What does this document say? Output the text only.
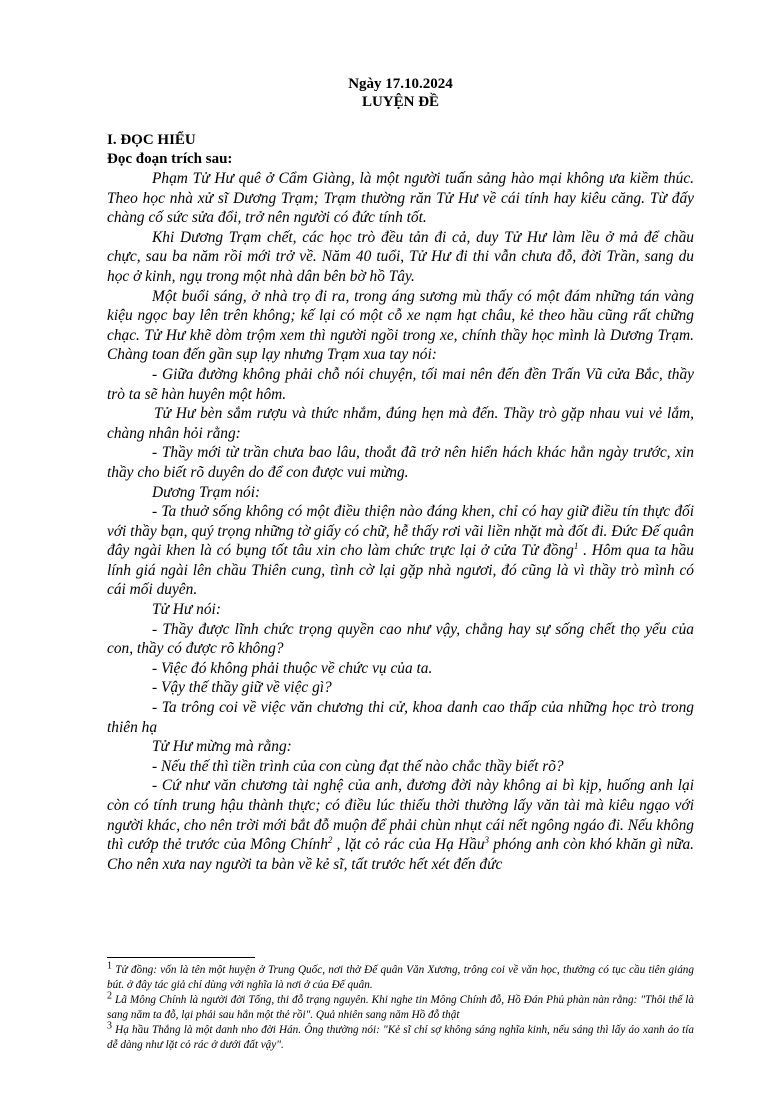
Ngày 17.10.2024
LUYỆN ĐỀ
I. ĐỌC HIỂU
Đọc đoạn trích sau:

Phạm Tử Hư quê ở Cẩm Giàng, là một người tuấn sảng hào mại không ưa kiềm thúc. Theo học nhà xử sĩ Dương Trạm; Trạm thường răn Tử Hư về cái tính hay kiêu căng. Từ đấy chàng cố sức sửa đổi, trở nên người có đức tính tốt.

Khi Dương Trạm chết, các học trò đều tản đi cả, duy Tử Hư làm lều ở mả để chầu chực, sau ba năm rồi mới trở về. Năm 40 tuổi, Tử Hư đi thi vẫn chưa đỗ, đời Trần, sang du học ở kinh, ngụ trong một nhà dân bên bờ hồ Tây.

Một buổi sáng, ở nhà trọ đi ra, trong áng sương mù thấy có một đám những tán vàng kiệu ngọc bay lên trên không; kế lại có một cỗ xe nạm hạt châu, kẻ theo hầu cũng rất chững chạc. Tử Hư khẽ dòm trộm xem thì người ngồi trong xe, chính thầy học mình là Dương Trạm. Chàng toan đến gần sụp lạy nhưng Trạm xua tay nói:

- Giữa đường không phải chỗ nói chuyện, tối mai nên đến đền Trấn Vũ cửa Bắc, thầy trò ta sẽ hàn huyên một hôm.

Tử Hư bèn sắm rượu và thức nhắm, đúng hẹn mà đến. Thầy trò gặp nhau vui vẻ lắm, chàng nhân hỏi rằng:

- Thầy mới từ trần chưa bao lâu, thoắt đã trở nên hiển hách khác hẳn ngày trước, xin thầy cho biết rõ duyên do để con được vui mừng.

Dương Trạm nói:

- Ta thuở sống không có một điều thiện nào đáng khen, chỉ có hay giữ điều tín thực đối với thầy bạn, quý trọng những tờ giấy có chữ, hễ thấy rơi vãi liền nhặt mà đốt đi. Đức Đế quân đây ngài khen là có bụng tốt tâu xin cho làm chức trực lại ở cửa Tử đồng$^1$ . Hôm qua ta hầu lính giá ngài lên chầu Thiên cung, tình cờ lại gặp nhà ngươi, đó cũng là vì thầy trò mình có cái mối duyên.

Tử Hư nói:

- Thầy được lĩnh chức trọng quyền cao như vậy, chẳng hay sự sống chết thọ yểu của con, thầy có được rõ không?

- Việc đó không phải thuộc về chức vụ của ta.

- Vậy thế thầy giữ về việc gì?

- Ta trông coi về việc văn chương thi cử, khoa danh cao thấp của những học trò trong thiên hạ

Tử Hư mừng mà rằng:

- Nếu thế thì tiền trình của con cùng đạt thế nào chắc thầy biết rõ?

- Cứ như văn chương tài nghệ của anh, đương đời này không ai bì kịp, huống anh lại còn có tính trung hậu thành thực; có điều lúc thiếu thời thường lấy văn tài mà kiêu ngạo với người khác, cho nên trời mới bắt đỗ muộn để phải chùn nhụt cái nết ngông ngáo đi. Nếu không thì cướp thẻ trước của Mông Chính$^2$ , lặt cỏ rác của Hạ Hầu$^3$ phóng anh còn khó khăn gì nữa. Cho nên xưa nay người ta bàn về kẻ sĩ, tất trước hết xét đến đức

1 Tử đồng: vốn là tên một huyện ở Trung Quốc, nơi thờ Đế quân Văn Xương, trông coi về văn học, thường có tục cầu tiên giáng bút. ở đây tác giả chỉ dùng với nghĩa là nơi ở của Đế quân.

2 Lã Mông Chính là người đời Tống, thi đỗ trạng nguyên. Khi nghe tin Mông Chính đỗ, Hồ Đán Phủ phàn nàn rằng: "Thôi thế là sang năm ta đỗ, lại phải sau hắn một thẻ rồi". Quả nhiên sang năm Hồ đỗ thật

3 Hạ hầu Thắng là một danh nho đời Hán. Ông thường nói: "Kẻ sĩ chỉ sợ không sáng nghĩa kinh, nếu sáng thì lấy áo xanh áo tía dễ dàng như lặt cỏ rác ở dưới đất vậy".
